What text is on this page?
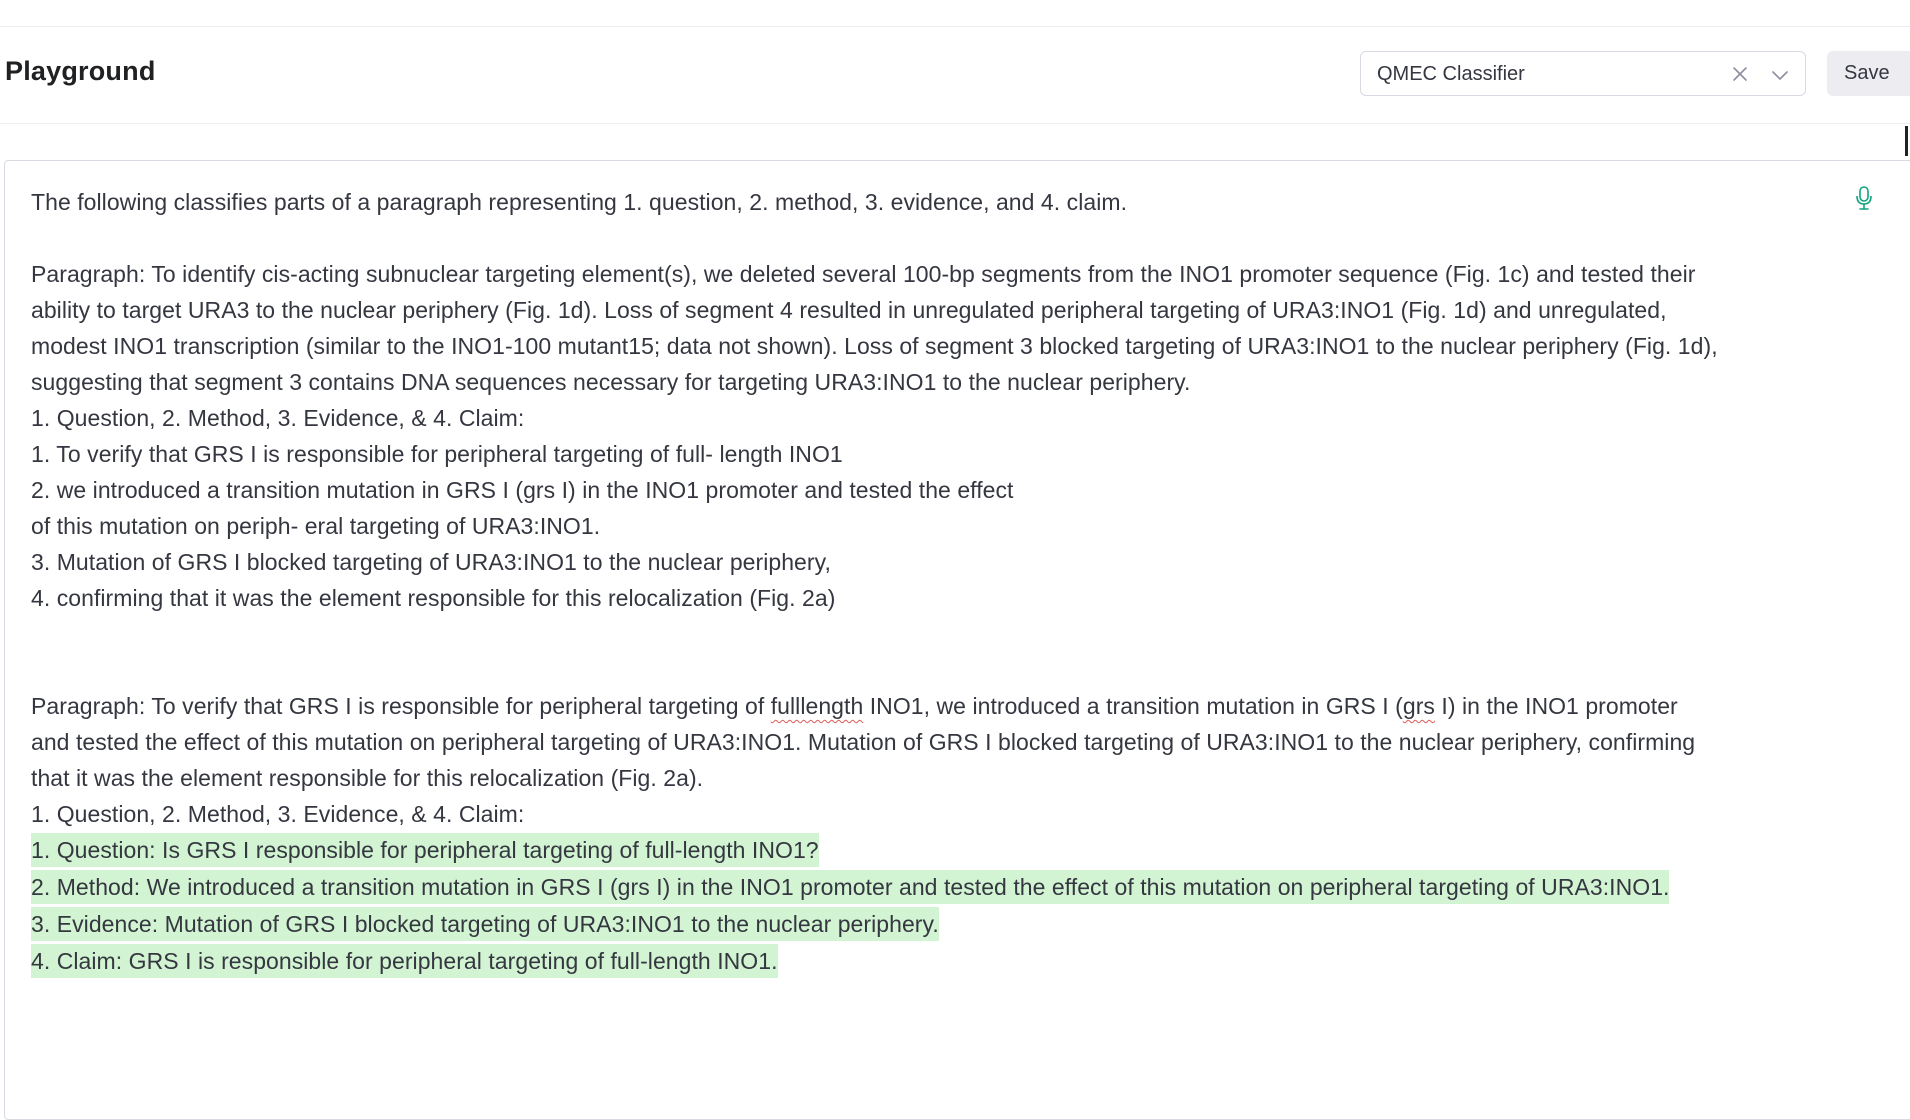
Playground	QMEC Classifier	Save
The following classifies parts of a paragraph representing 1. question, 2. method, 3. evidence, and 4. claim.
Paragraph: To identify cis-acting subnuclear targeting element(s), we deleted several 100-bp segments from the INO1 promoter sequence (Fig. 1c) and tested their
ability to target URA3 to the nuclear periphery (Fig. 1d). Loss of segment 4 resulted in unregulated peripheral targeting of URA3:INO1 (Fig. 1d) and unregulated,
modest INO1 transcription (similar to the INO1-100 mutant15; data not shown). Loss of segment 3 blocked targeting of URA3:INO1 to the nuclear periphery (Fig. 1d),
suggesting that segment 3 contains DNA sequences necessary for targeting URA3:INO1 to the nuclear periphery.
1. Question, 2. Method, 3. Evidence, & 4. Claim:
1. To verify that GRS I is responsible for peripheral targeting of full- length INO1
2. we introduced a transition mutation in GRS I (grs I) in the INO1 promoter and tested the effect
of this mutation on periph- eral targeting of URA3:INO1.
3. Mutation of GRS I blocked targeting of URA3:INO1 to the nuclear periphery,
4. confirming that it was the element responsible for this relocalization (Fig. 2a)
Paragraph: To verify that GRS I is responsible for peripheral targeting of fulllength INO1, we introduced a transition mutation in GRS I (grs I) in the INO1 promoter
and tested the effect of this mutation on peripheral targeting of URA3:INO1. Mutation of GRS I blocked targeting of URA3:INO1 to the nuclear periphery, confirming
that it was the element responsible for this relocalization (Fig. 2a).
1. Question, 2. Method, 3. Evidence, & 4. Claim:
1. Question: Is GRS I responsible for peripheral targeting of full-length INO1?
2. Method: We introduced a transition mutation in GRS I (grs I) in the INO1 promoter and tested the effect of this mutation on peripheral targeting of URA3:INO1.
3. Evidence: Mutation of GRS I blocked targeting of URA3:INO1 to the nuclear periphery.
4. Claim: GRS I is responsible for peripheral targeting of full-length INO1.
